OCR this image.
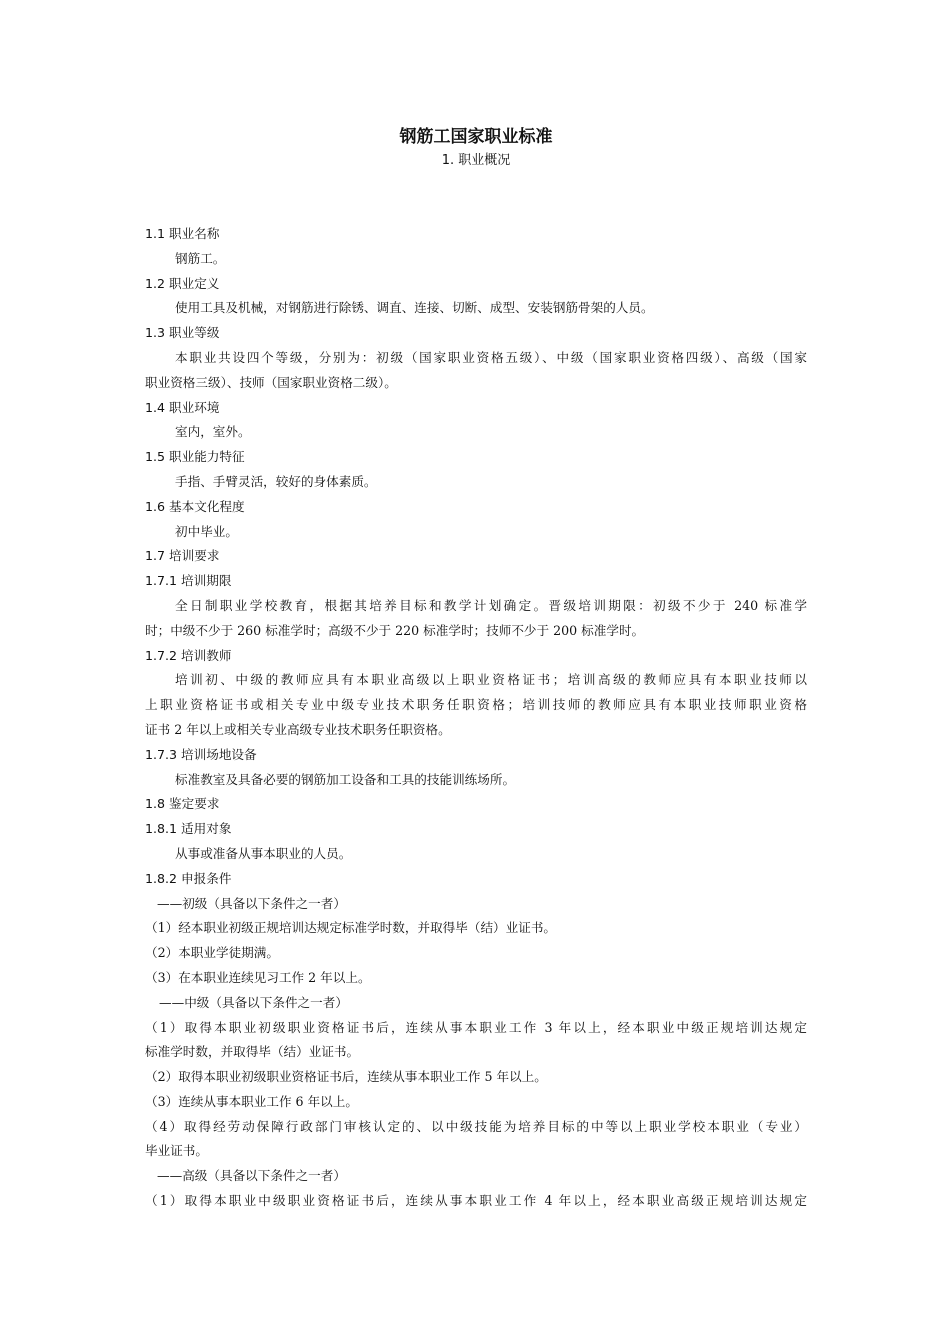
钢筋工国家职业标准
1. 职业概况
1.1 职业名称
钢筋工。
1.2 职业定义
使用工具及机械，对钢筋进行除锈、调直、连接、切断、成型、安装钢筋骨架的人员。
1.3 职业等级
本职业共设四个等级，分别为：初级（国家职业资格五级）、中级（国家职业资格四级）、高级（国家
职业资格三级）、技师（国家职业资格二级）。
1.4 职业环境
室内，室外。
1.5 职业能力特征
手指、手臂灵活，较好的身体素质。
1.6 基本文化程度
初中毕业。
1.7 培训要求
1.7.1 培训期限
全日制职业学校教育，根据其培养目标和教学计划确定。晋级培训期限：初级不少于 240 标准学
时；中级不少于 260 标准学时；高级不少于 220 标准学时；技师不少于 200 标准学时。
1.7.2 培训教师
培训初、中级的教师应具有本职业高级以上职业资格证书；培训高级的教师应具有本职业技师以
上职业资格证书或相关专业中级专业技术职务任职资格；培训技师的教师应具有本职业技师职业资格
证书 2 年以上或相关专业高级专业技术职务任职资格。
1.7.3 培训场地设备
标准教室及具备必要的钢筋加工设备和工具的技能训练场所。
1.8 鉴定要求
1.8.1 适用对象
从事或准备从事本职业的人员。
1.8.2 申报条件
——初级（具备以下条件之一者）
（1）经本职业初级正规培训达规定标准学时数，并取得毕（结）业证书。
（2）本职业学徒期满。
（3）在本职业连续见习工作 2 年以上。
——中级（具备以下条件之一者）
（1）取得本职业初级职业资格证书后，连续从事本职业工作 3 年以上，经本职业中级正规培训达规定
标准学时数，并取得毕（结）业证书。
（2）取得本职业初级职业资格证书后，连续从事本职业工作 5 年以上。
（3）连续从事本职业工作 6 年以上。
（4）取得经劳动保障行政部门审核认定的、以中级技能为培养目标的中等以上职业学校本职业（专业）
毕业证书。
——高级（具备以下条件之一者）
（1）取得本职业中级职业资格证书后，连续从事本职业工作 4 年以上，经本职业高级正规培训达规定
